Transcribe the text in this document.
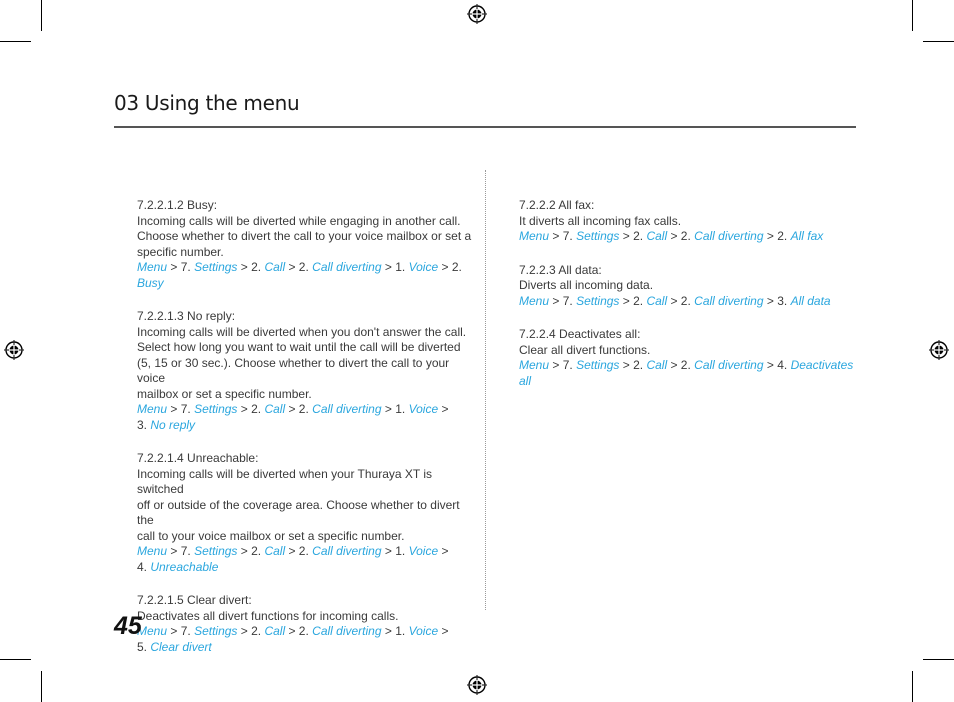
03 Using the menu

7.2.2.1.2 Busy:

Incoming calls will be diverted while engaging in another call.
Choose whether to divert the call to your voice mailbox or set a
specific number.

Menu > 7. Settings > 2. Call > 2. Call diverting > 1. Voice > 2. Busy

7.2.2.1.3 No reply:

Incoming calls will be diverted when you don't answer the call.
Select how long you want to wait until the call will be diverted
(5, 15 or 30 sec.). Choose whether to divert the call to your voice
mailbox or set a specific number.

Menu > 7. Settings > 2. Call > 2. Call diverting > 1. Voice >
3. No reply

7.2.2.1.4 Unreachable:

Incoming calls will be diverted when your Thuraya XT is switched
off or outside of the coverage area. Choose whether to divert the
call to your voice mailbox or set a specific number.

Menu > 7. Settings > 2. Call > 2. Call diverting > 1. Voice >
4. Unreachable

7.2.2.1.5 Clear divert:

Deactivates all divert functions for incoming calls.

Menu > 7. Settings > 2. Call > 2. Call diverting > 1. Voice >
5. Clear divert

7.2.2.2 All fax:

It diverts all incoming fax calls.

Menu > 7. Settings > 2. Call > 2. Call diverting > 2. All fax

7.2.2.3 All data:

Diverts all incoming data.

Menu > 7. Settings > 2. Call > 2. Call diverting > 3. All data

7.2.2.4 Deactivates all:

Clear all divert functions.

Menu > 7. Settings > 2. Call > 2. Call diverting > 4. Deactivates all

45
